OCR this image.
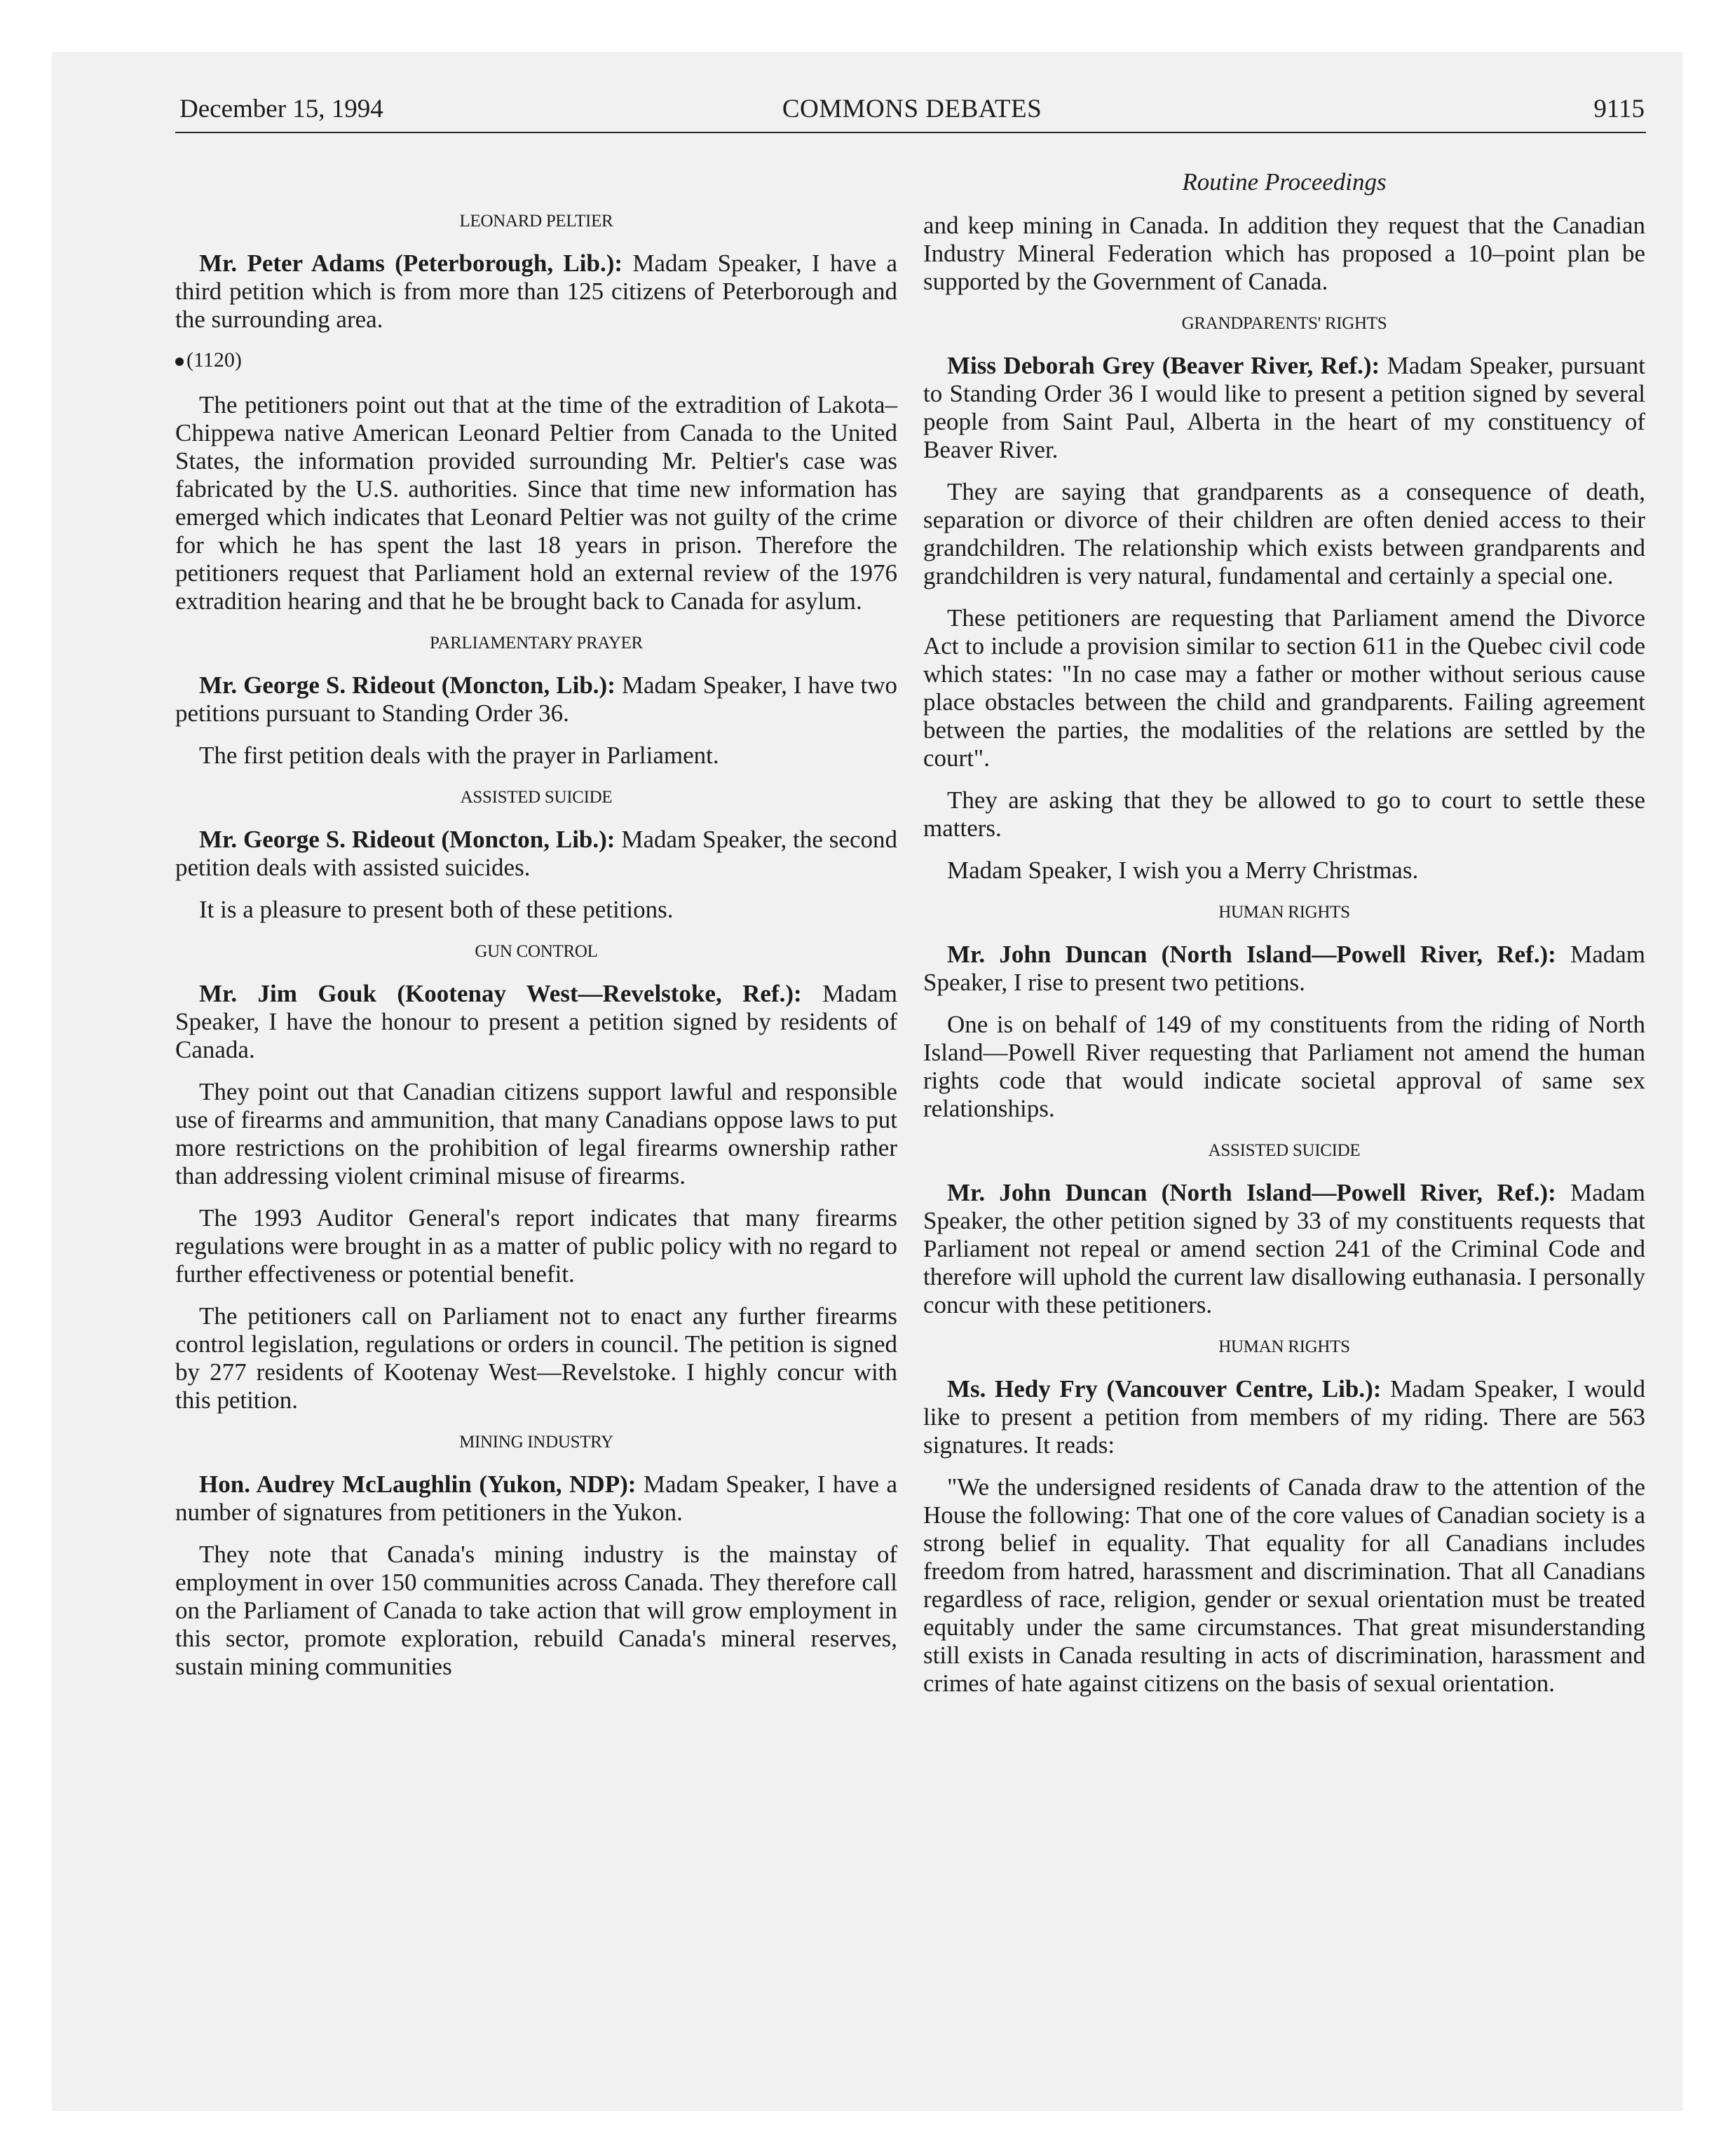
December 15, 1994	COMMONS DEBATES	9115
Routine Proceedings
LEONARD PELTIER

Mr. Peter Adams (Peterborough, Lib.): Madam Speaker, I have a third petition which is from more than 125 citizens of Peterborough and the surrounding area.

(1120)

The petitioners point out that at the time of the extradition of Lakota–Chippewa native American Leonard Peltier from Canada to the United States, the information provided surrounding Mr. Peltier's case was fabricated by the U.S. authorities. Since that time new information has emerged which indicates that Leonard Peltier was not guilty of the crime for which he has spent the last 18 years in prison. Therefore the petitioners request that Parliament hold an external review of the 1976 extradition hearing and that he be brought back to Canada for asylum.

PARLIAMENTARY PRAYER

Mr. George S. Rideout (Moncton, Lib.): Madam Speaker, I have two petitions pursuant to Standing Order 36.

The first petition deals with the prayer in Parliament.

ASSISTED SUICIDE

Mr. George S. Rideout (Moncton, Lib.): Madam Speaker, the second petition deals with assisted suicides.

It is a pleasure to present both of these petitions.

GUN CONTROL

Mr. Jim Gouk (Kootenay West—Revelstoke, Ref.): Madam Speaker, I have the honour to present a petition signed by residents of Canada.

They point out that Canadian citizens support lawful and responsible use of firearms and ammunition, that many Canadians oppose laws to put more restrictions on the prohibition of legal firearms ownership rather than addressing violent criminal misuse of firearms.

The 1993 Auditor General's report indicates that many firearms regulations were brought in as a matter of public policy with no regard to further effectiveness or potential benefit.

The petitioners call on Parliament not to enact any further firearms control legislation, regulations or orders in council. The petition is signed by 277 residents of Kootenay West—Revelstoke. I highly concur with this petition.

MINING INDUSTRY

Hon. Audrey McLaughlin (Yukon, NDP): Madam Speaker, I have a number of signatures from petitioners in the Yukon.

They note that Canada's mining industry is the mainstay of employment in over 150 communities across Canada. They therefore call on the Parliament of Canada to take action that will grow employment in this sector, promote exploration, rebuild Canada's mineral reserves, sustain mining communities

and keep mining in Canada. In addition they request that the Canadian Industry Mineral Federation which has proposed a 10–point plan be supported by the Government of Canada.

GRANDPARENTS' RIGHTS

Miss Deborah Grey (Beaver River, Ref.): Madam Speaker, pursuant to Standing Order 36 I would like to present a petition signed by several people from Saint Paul, Alberta in the heart of my constituency of Beaver River.

They are saying that grandparents as a consequence of death, separation or divorce of their children are often denied access to their grandchildren. The relationship which exists between grandparents and grandchildren is very natural, fundamental and certainly a special one.

These petitioners are requesting that Parliament amend the Divorce Act to include a provision similar to section 611 in the Quebec civil code which states: "In no case may a father or mother without serious cause place obstacles between the child and grandparents. Failing agreement between the parties, the modalities of the relations are settled by the court".

They are asking that they be allowed to go to court to settle these matters.

Madam Speaker, I wish you a Merry Christmas.

HUMAN RIGHTS

Mr. John Duncan (North Island—Powell River, Ref.): Madam Speaker, I rise to present two petitions.

One is on behalf of 149 of my constituents from the riding of North Island—Powell River requesting that Parliament not amend the human rights code that would indicate societal approval of same sex relationships.

ASSISTED SUICIDE

Mr. John Duncan (North Island—Powell River, Ref.): Madam Speaker, the other petition signed by 33 of my constituents requests that Parliament not repeal or amend section 241 of the Criminal Code and therefore will uphold the current law disallowing euthanasia. I personally concur with these petitioners.

HUMAN RIGHTS

Ms. Hedy Fry (Vancouver Centre, Lib.): Madam Speaker, I would like to present a petition from members of my riding. There are 563 signatures. It reads:

"We the undersigned residents of Canada draw to the attention of the House the following: That one of the core values of Canadian society is a strong belief in equality. That equality for all Canadians includes freedom from hatred, harassment and discrimination. That all Canadians regardless of race, religion, gender or sexual orientation must be treated equitably under the same circumstances. That great misunderstanding still exists in Canada resulting in acts of discrimination, harassment and crimes of hate against citizens on the basis of sexual orientation.
